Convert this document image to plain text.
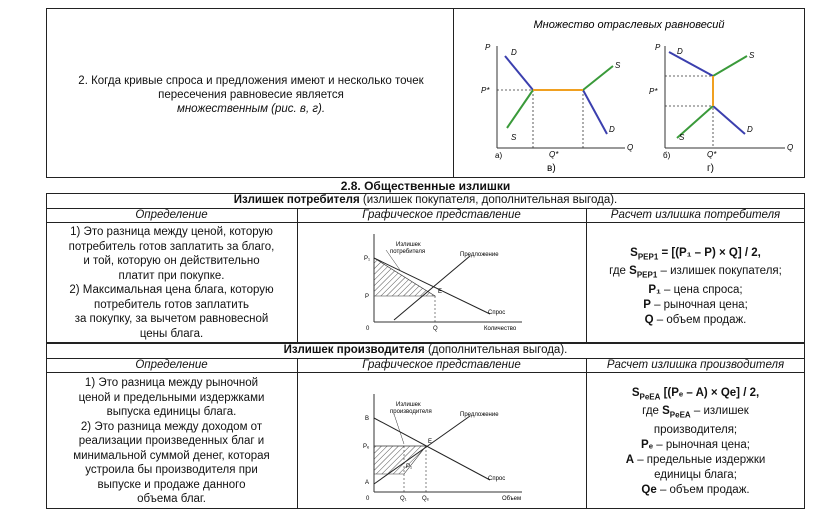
2. Когда кривые спроса и предложения имеют и несколько точек пересечения равновесие является
множественным (рис. в, г).
Множество отраслевых равновесий
P
P*
D
S
S
D
Q
Q*
а)
в)
P
P*
D	S
S
D
Q
Q*
б)
г)
2.8. Общественные излишки
Излишек потребителя (излишек покупателя, дополнительная выгода).
Определение	Графическое представление	Расчет излишка потребителя
1) Это разница между ценой, которую
потребитель готов заплатить за благо,
и той, которую он действительно
платит при покупке.
2) Максимальная цена блага, которую
потребитель готов заплатить
за покупку, за вычетом равновесной
цены блага.
Излишек
потребителя	Предложение
Спрос
Количество
P₁
P
Q
0
E
$S_{PEP1} = [(P_1 - P) \times Q] / 2$,
где $S_{PEP1}$ – излишек покупателя;
P₁ – цена спроса;
P – рыночная цена;
Q – объем продаж.
Излишек производителя (дополнительная выгода).
Определение	Графическое представление	Расчет излишка производителя
1) Это разница между рыночной
ценой и предельными издержками
выпуска единицы блага.
2) Это разница между доходом от
реализации произведенных благ и
минимальной суммой денег, которая
устроила бы производителя при
выпуске и продаже данного
объема благ.
Излишек
производителя	Предложение
Спрос
Объем
B
Pₑ
P₁
A
0	Q₁	Qₑ
E
$S_{PeEA}$ [(Pₑ – A) × Qe] / 2,
где $S_{PeEA}$ – излишек
производителя;
Pₑ – рыночная цена;
A – предельные издержки
единицы блага;
Qe – объем продаж.
